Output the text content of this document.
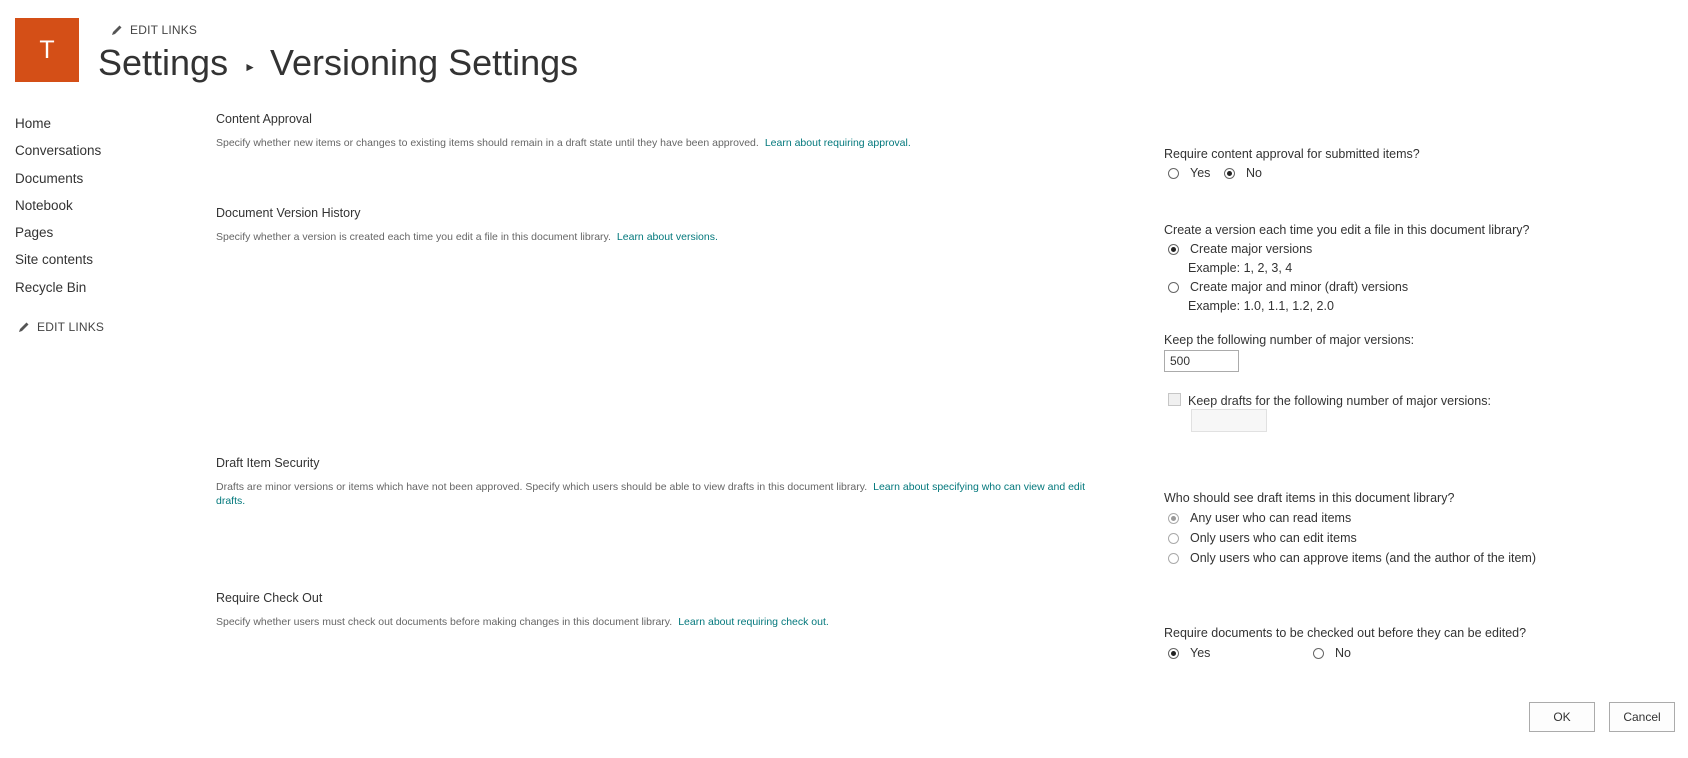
T
EDIT LINKS
Settings ► Versioning Settings
Home
Conversations
Documents
Notebook
Pages
Site contents
Recycle Bin
EDIT LINKS
Content Approval
Specify whether new items or changes to existing items should remain in a draft state until they have been approved. Learn about requiring approval.
Require content approval for submitted items?
Yes	No
Document Version History
Specify whether a version is created each time you edit a file in this document library. Learn about versions.	Create a version each time you edit a file in this document library?
Create major versions
Example: 1, 2, 3, 4
Create major and minor (draft) versions
Example: 1.0, 1.1, 1.2, 2.0
Keep the following number of major versions:
500
Keep drafts for the following number of major versions:
Draft Item Security
Drafts are minor versions or items which have not been approved. Specify which users should be able to view drafts in this document library. Learn about specifying who can view and edit drafts.	Who should see draft items in this document library?
Any user who can read items
Only users who can edit items
Only users who can approve items (and the author of the item)
Require Check Out
Specify whether users must check out documents before making changes in this document library. Learn about requiring check out.
Require documents to be checked out before they can be edited?
Yes	No
OK	Cancel
